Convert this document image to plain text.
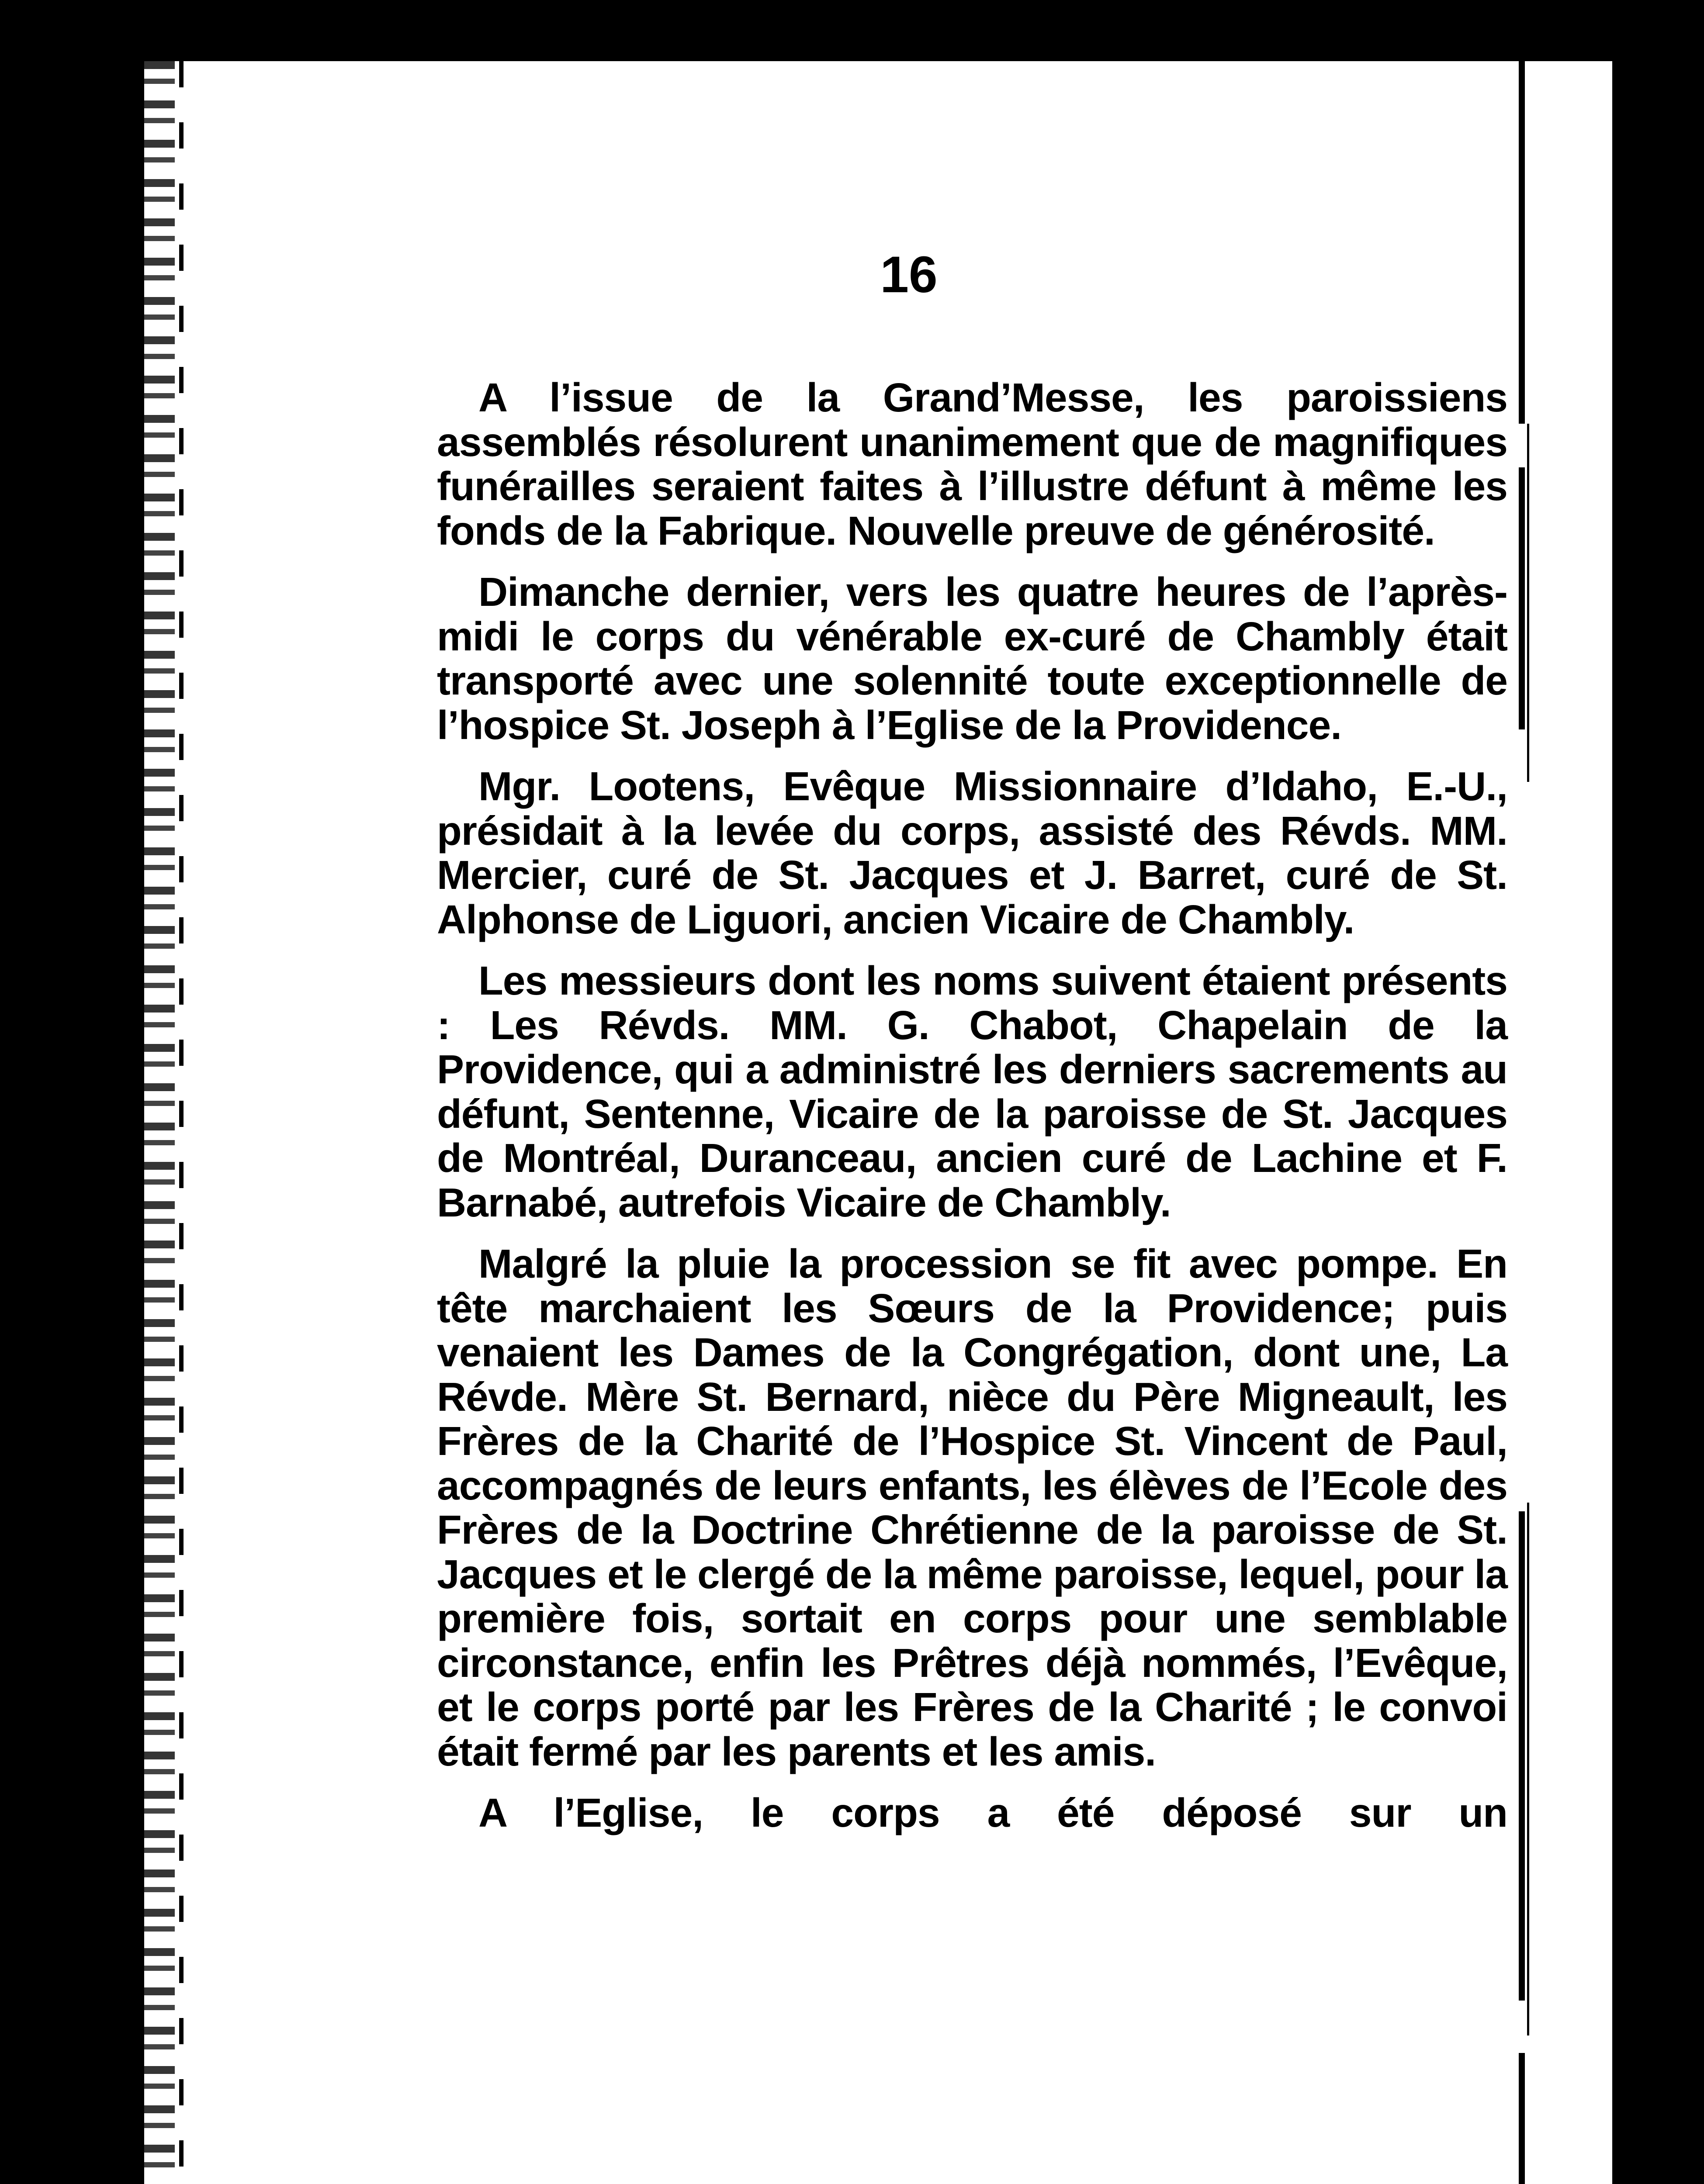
16

A l’issue de la Grand’Messe, les paroissiens assemblés résolurent unanimement que de magnifiques funérailles seraient faites à l’illustre défunt à même les fonds de la Fabrique. Nouvelle preuve de générosité.

Dimanche dernier, vers les quatre heures de l’après-midi le corps du vénérable ex-curé de Chambly était transporté avec une solennité toute exceptionnelle de l’hospice St. Joseph à l’Eglise de la Providence.

Mgr. Lootens, Evêque Missionnaire d’Idaho, E.-U., présidait à la levée du corps, assisté des Révds. MM. Mercier, curé de St. Jacques et J. Barret, curé de St. Alphonse de Liguori, ancien Vicaire de Chambly.

Les messieurs dont les noms suivent étaient présents : Les Révds. MM. G. Chabot, Chapelain de la Providence, qui a administré les derniers sacrements au défunt, Sentenne, Vicaire de la paroisse de St. Jacques de Montréal, Duranceau, ancien curé de Lachine et F. Barnabé, autrefois Vicaire de Chambly.

Malgré la pluie la procession se fit avec pompe. En tête marchaient les Sœurs de la Providence; puis venaient les Dames de la Congrégation, dont une, La Révde. Mère St. Bernard, nièce du Père Migneault, les Frères de la Charité de l’Hospice St. Vincent de Paul, accompagnés de leurs enfants, les élèves de l’Ecole des Frères de la Doctrine Chrétienne de la paroisse de St. Jacques et le clergé de la même paroisse, lequel, pour la première fois, sortait en corps pour une semblable circonstance, enfin les Prêtres déjà nommés, l’Evêque, et le corps porté par les Frères de la Charité ; le convoi était fermé par les parents et les amis.

A l’Eglise, le corps a été déposé sur un
